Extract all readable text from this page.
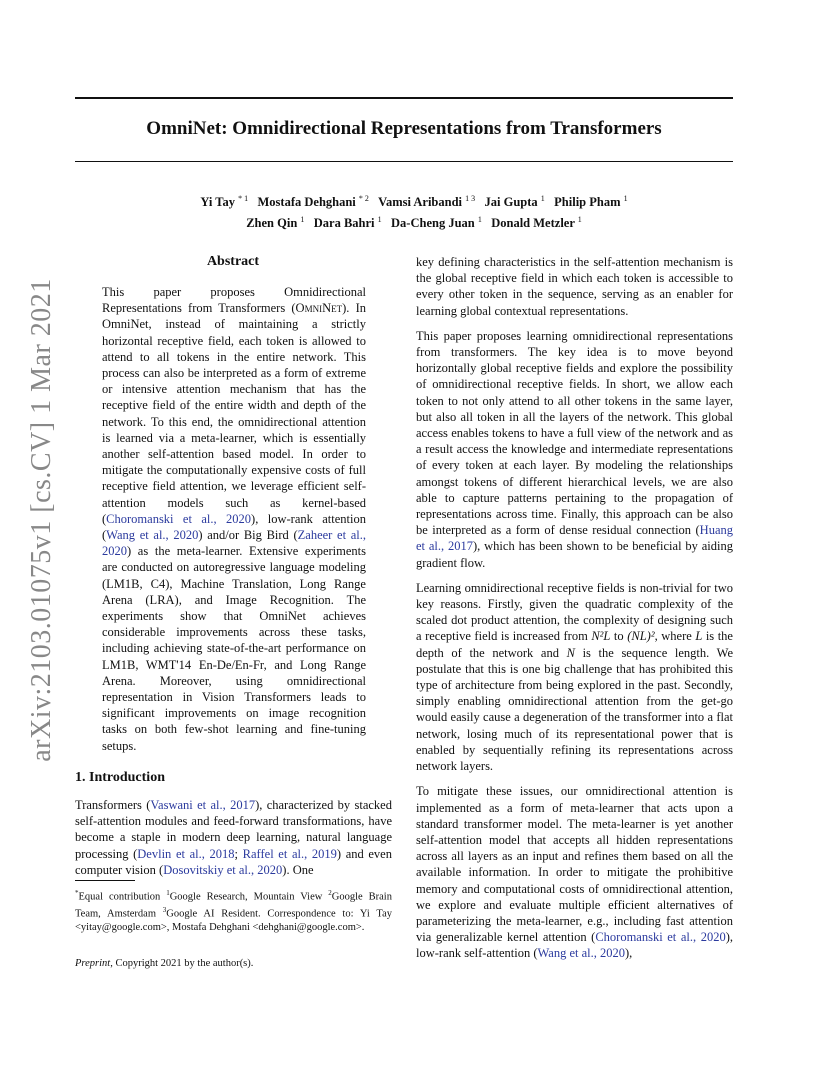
OmniNet: Omnidirectional Representations from Transformers
Yi Tay $^{* 1}$ Mostafa Dehghani $^{* 2}$ Vamsi Aribandi $^{1 3}$ Jai Gupta $^1$ Philip Pham $^1$
Zhen Qin $^1$ Dara Bahri $^1$ Da-Cheng Juan $^1$ Donald Metzler $^1$
arXiv:2103.01075v1 [cs.CV] 1 Mar 2021
Abstract

This paper proposes Omnidirectional Representations from Transformers (OmniNet). In OmniNet, instead of maintaining a strictly horizontal receptive field, each token is allowed to attend to all tokens in the entire network. This process can also be interpreted as a form of extreme or intensive attention mechanism that has the receptive field of the entire width and depth of the network. To this end, the omnidirectional attention is learned via a meta-learner, which is essentially another self-attention based model. In order to mitigate the computationally expensive costs of full receptive field attention, we leverage efficient self-attention models such as kernel-based (Choromanski et al., 2020), low-rank attention (Wang et al., 2020) and/or Big Bird (Zaheer et al., 2020) as the meta-learner. Extensive experiments are conducted on autoregressive language modeling (LM1B, C4), Machine Translation, Long Range Arena (LRA), and Image Recognition. The experiments show that OmniNet achieves considerable improvements across these tasks, including achieving state-of-the-art performance on LM1B, WMT'14 En-De/En-Fr, and Long Range Arena. Moreover, using omnidirectional representation in Vision Transformers leads to significant improvements on image recognition tasks on both few-shot learning and fine-tuning setups.

1. Introduction

Transformers (Vaswani et al., 2017), characterized by stacked self-attention modules and feed-forward transformations, have become a staple in modern deep learning, natural language processing (Devlin et al., 2018; Raffel et al., 2019) and even computer vision (Dosovitskiy et al., 2020). One

*Equal contribution $^1$Google Research, Mountain View $^2$Google Brain Team, Amsterdam $^3$Google AI Resident. Correspondence to: Yi Tay <yitay@google.com>, Mostafa Dehghani <dehghani@google.com>.
Preprint, Copyright 2021 by the author(s).

key defining characteristics in the self-attention mechanism is the global receptive field in which each token is accessible to every other token in the sequence, serving as an enabler for learning global contextual representations.

This paper proposes learning omnidirectional representations from transformers. The key idea is to move beyond horizontally global receptive fields and explore the possibility of omnidirectional receptive fields. In short, we allow each token to not only attend to all other tokens in the same layer, but also all token in all the layers of the network. This global access enables tokens to have a full view of the network and as a result access the knowledge and intermediate representations of every token at each layer. By modeling the relationships amongst tokens of different hierarchical levels, we are also able to capture patterns pertaining to the propagation of representations across time. Finally, this approach can be also be interpreted as a form of dense residual connection (Huang et al., 2017), which has been shown to be beneficial by aiding gradient flow.

Learning omnidirectional receptive fields is non-trivial for two key reasons. Firstly, given the quadratic complexity of the scaled dot product attention, the complexity of designing such a receptive field is increased from N²L to (NL)², where L is the depth of the network and N is the sequence length. We postulate that this is one big challenge that has prohibited this type of architecture from being explored in the past. Secondly, simply enabling omnidirectional attention from the get-go would easily cause a degeneration of the transformer into a flat network, losing much of its representational power that is enabled by sequentially refining its representations across network layers.

To mitigate these issues, our omnidirectional attention is implemented as a form of meta-learner that acts upon a standard transformer model. The meta-learner is yet another self-attention model that accepts all hidden representations across all layers as an input and refines them based on all the available information. In order to mitigate the prohibitive memory and computational costs of omnidirectional attention, we explore and evaluate multiple efficient alternatives of parameterizing the meta-learner, e.g., including fast attention via generalizable kernel attention (Choromanski et al., 2020), low-rank self-attention (Wang et al., 2020),
